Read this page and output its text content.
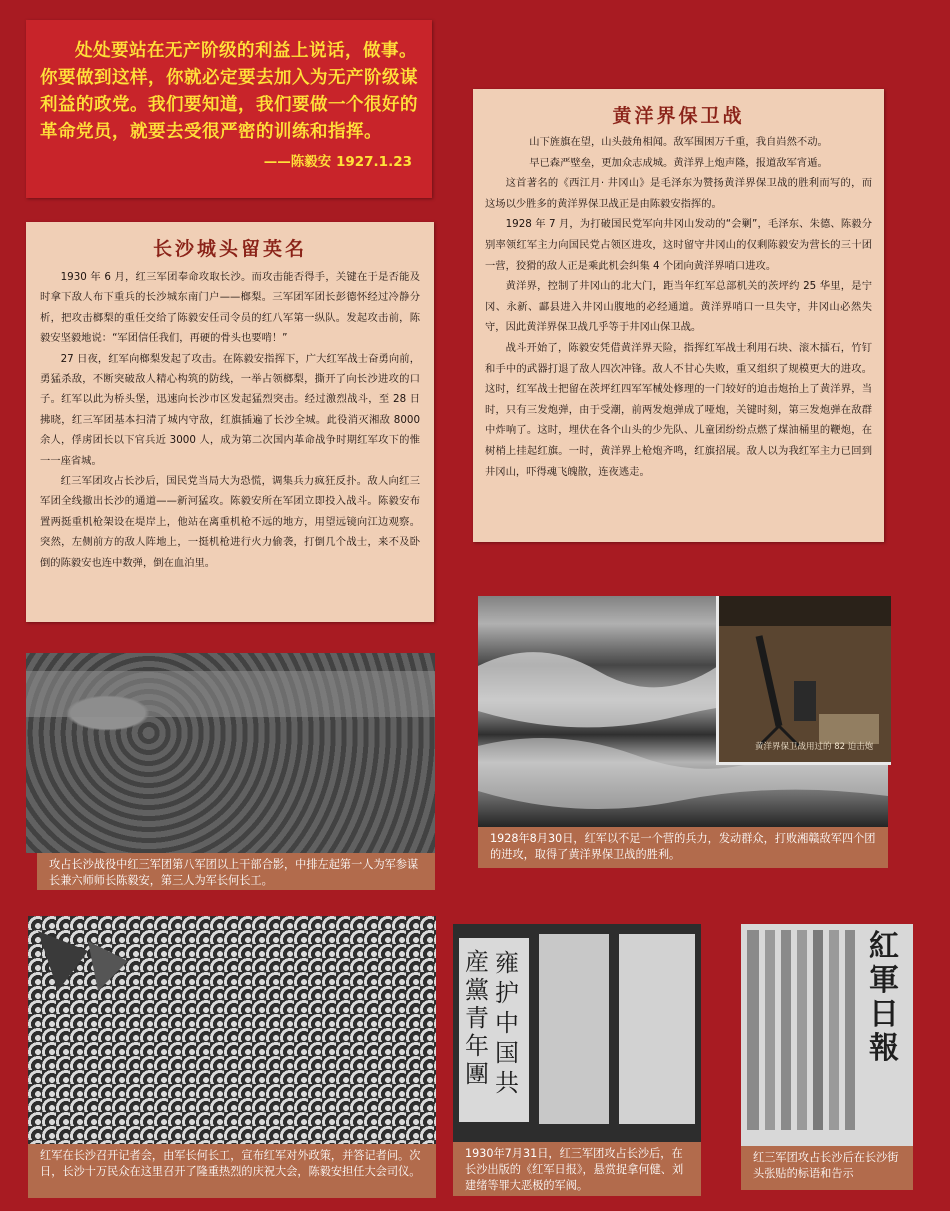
处处要站在无产阶级的利益上说话，做事。你要做到这样，你就必定要去加入为无产阶级谋利益的政党。我们要知道，我们要做一个很好的革命党员，就要去受很严密的训练和指挥。

——陈毅安 1927.1.23
长沙城头留英名

1930 年 6 月，红三军团奉命攻取长沙。而攻击能否得手，关键在于是否能及时拿下敌人布下重兵的长沙城东南门户——榔梨。三军团军团长彭德怀经过冷静分析，把攻击榔梨的重任交给了陈毅安任司令员的红八军第一纵队。发起攻击前，陈毅安坚毅地说：“军团信任我们，再硬的骨头也要啃！”

27 日夜，红军向榔梨发起了攻击。在陈毅安指挥下，广大红军战士奋勇向前，勇猛杀敌，不断突破敌人精心构筑的防线，一举占领榔梨，撕开了向长沙进攻的口子。红军以此为桥头堡，迅速向长沙市区发起猛烈突击。经过激烈战斗，至 28 日拂晓，红三军团基本扫清了城内守敌，红旗插遍了长沙全城。此役消灭湘敌 8000 余人，俘虏团长以下官兵近 3000 人，成为第二次国内革命战争时期红军攻下的惟一一座省城。

红三军团攻占长沙后，国民党当局大为恐慌，调集兵力疯狂反扑。敌人向红三军团全线撤出长沙的通道——新河猛攻。陈毅安所在军团立即投入战斗。陈毅安布置两挺重机枪架设在堤岸上，他站在离重机枪不远的地方，用望远镜向江边观察。突然，左侧前方的敌人阵地上，一挺机枪进行火力偷袭，打倒几个战士，来不及卧倒的陈毅安也连中数弹，倒在血泊里。

黄洋界保卫战

山下旌旗在望，山头鼓角相闻。敌军围困万千重，我自岿然不动。

早已森严壁垒，更加众志成城。黄洋界上炮声隆，报道敌军宵遁。

这首著名的《西江月· 井冈山》是毛泽东为赞扬黄洋界保卫战的胜利而写的，而这场以少胜多的黄洋界保卫战正是由陈毅安指挥的。

1928 年 7 月，为打破国民党军向井冈山发动的“会剿”，毛泽东、朱德、陈毅分别率领红军主力向国民党占领区进攻，这时留守井冈山的仅剩陈毅安为营长的三十团一营，狡猾的敌人正是乘此机会纠集 4 个团向黄洋界哨口进攻。

黄洋界，控制了井冈山的北大门，距当年红军总部机关的茨坪约 25 华里，是宁冈、永新、酃县进入井冈山腹地的必经通道。黄洋界哨口一旦失守，井冈山必然失守，因此黄洋界保卫战几乎等于井冈山保卫战。

战斗开始了，陈毅安凭借黄洋界天险，指挥红军战士利用石块、滚木擂石，竹钉和手中的武器打退了敌人四次冲锋。敌人不甘心失败，重又组织了规模更大的进攻。这时，红军战士把留在茨坪红四军军械处修理的一门较好的迫击炮抬上了黄洋界，当时，只有三发炮弹，由于受潮，前两发炮弹成了哑炮，关键时刻，第三发炮弹在敌群中炸响了。这时，埋伏在各个山头的少先队、儿童团纷纷点燃了煤油桶里的鞭炮，在树梢上挂起红旗。一时，黄洋界上枪炮齐鸣，红旗招展。敌人以为我红军主力已回到井冈山，吓得魂飞魄散，连夜逃走。

黄洋界保卫战用过的 82 迫击炮
1928年8月30日，红军以不足一个营的兵力，发动群众，打败湘赣敌军四个团的进攻，取得了黄洋界保卫战的胜利。
攻占长沙战役中红三军团第八军团以上干部合影，中排左起第一人为军参谋长兼六师师长陈毅安，第三人为军长何长工。
红军在长沙召开记者会，由军长何长工，宣布红军对外政策，并答记者问。次日，长沙十万民众在这里召开了隆重热烈的庆祝大会，陈毅安担任大会司仪。
産黨青年團
雍护中国共
1930年7月31日，红三军团攻占长沙后，在长沙出版的《红军日报》，悬赏捉拿何健、刘建绪等罪大恶极的军阀。
紅軍日報
红三军团攻占长沙后在长沙街头张贴的标语和告示
